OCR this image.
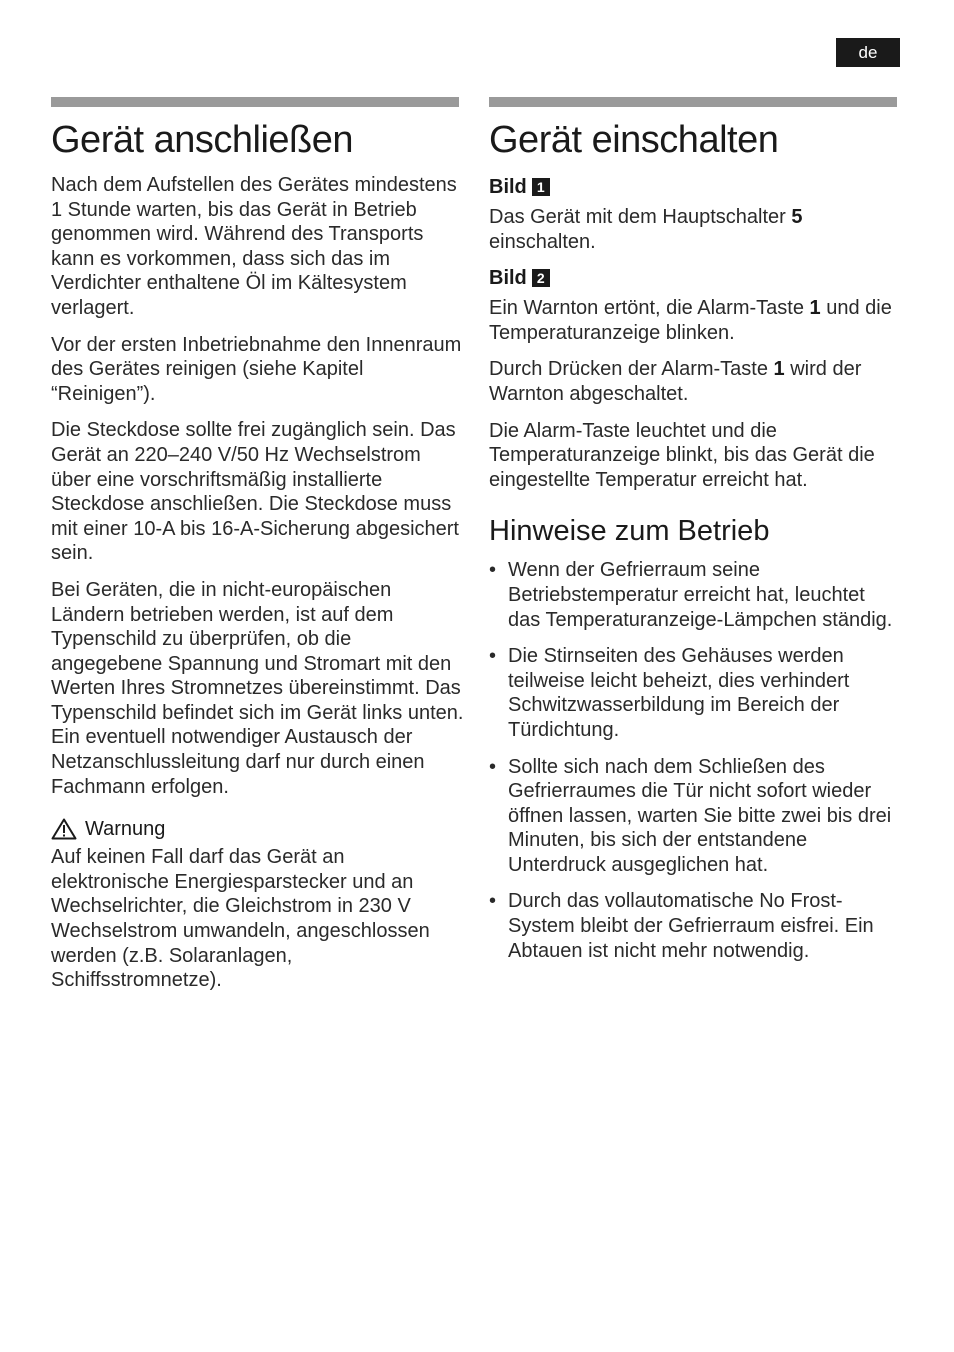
de
Gerät anschließen

Nach dem Aufstellen des Gerätes mindestens 1 Stunde warten, bis das Gerät in Betrieb genommen wird. Während des Transports kann es vorkommen, dass sich das im Verdichter enthaltene Öl im Kältesystem verlagert.

Vor der ersten Inbetriebnahme den Innenraum des Gerätes reinigen (siehe Kapitel “Reinigen”).

Die Steckdose sollte frei zugänglich sein. Das Gerät an 220–240 V/50 Hz Wechselstrom über eine vorschriftsmäßig installierte Steckdose anschließen. Die Steckdose muss mit einer 10-A bis 16-A-Sicherung abgesichert sein.

Bei Geräten, die in nicht-europäischen Ländern betrieben werden, ist auf dem Typenschild zu überprüfen, ob die angegebene Spannung und Stromart mit den Werten Ihres Stromnetzes übereinstimmt. Das Typenschild befindet sich im Gerät links unten. Ein eventuell notwendiger Austausch der Netzanschlussleitung darf nur durch einen Fachmann erfolgen.

Warnung

Auf keinen Fall darf das Gerät an elektronische Energiesparstecker und an Wechselrichter, die Gleichstrom in 230 V Wechselstrom umwandeln, angeschlossen werden (z.B. Solaranlagen, Schiffsstromnetze).

Gerät einschalten
Bild 1

Das Gerät mit dem Hauptschalter 5 einschalten.

Bild 2

Ein Warnton ertönt, die Alarm-Taste 1 und die Temperaturanzeige blinken.

Durch Drücken der Alarm-Taste 1 wird der Warnton abgeschaltet.

Die Alarm-Taste leuchtet und die Temperaturanzeige blinkt, bis das Gerät die eingestellte Temperatur erreicht hat.

Hinweise zum Betrieb
• Wenn der Gefrierraum seine Betriebstemperatur erreicht hat, leuchtet das Temperaturanzeige-Lämpchen ständig.
• Die Stirnseiten des Gehäuses werden teilweise leicht beheizt, dies verhindert Schwitzwasserbildung im Bereich der Türdichtung.
• Sollte sich nach dem Schließen des Gefrierraumes die Tür nicht sofort wieder öffnen lassen, warten Sie bitte zwei bis drei Minuten, bis sich der entstandene Unterdruck ausgeglichen hat.
• Durch das vollautomatische No Frost-System bleibt der Gefrierraum eisfrei. Ein Abtauen ist nicht mehr notwendig.
